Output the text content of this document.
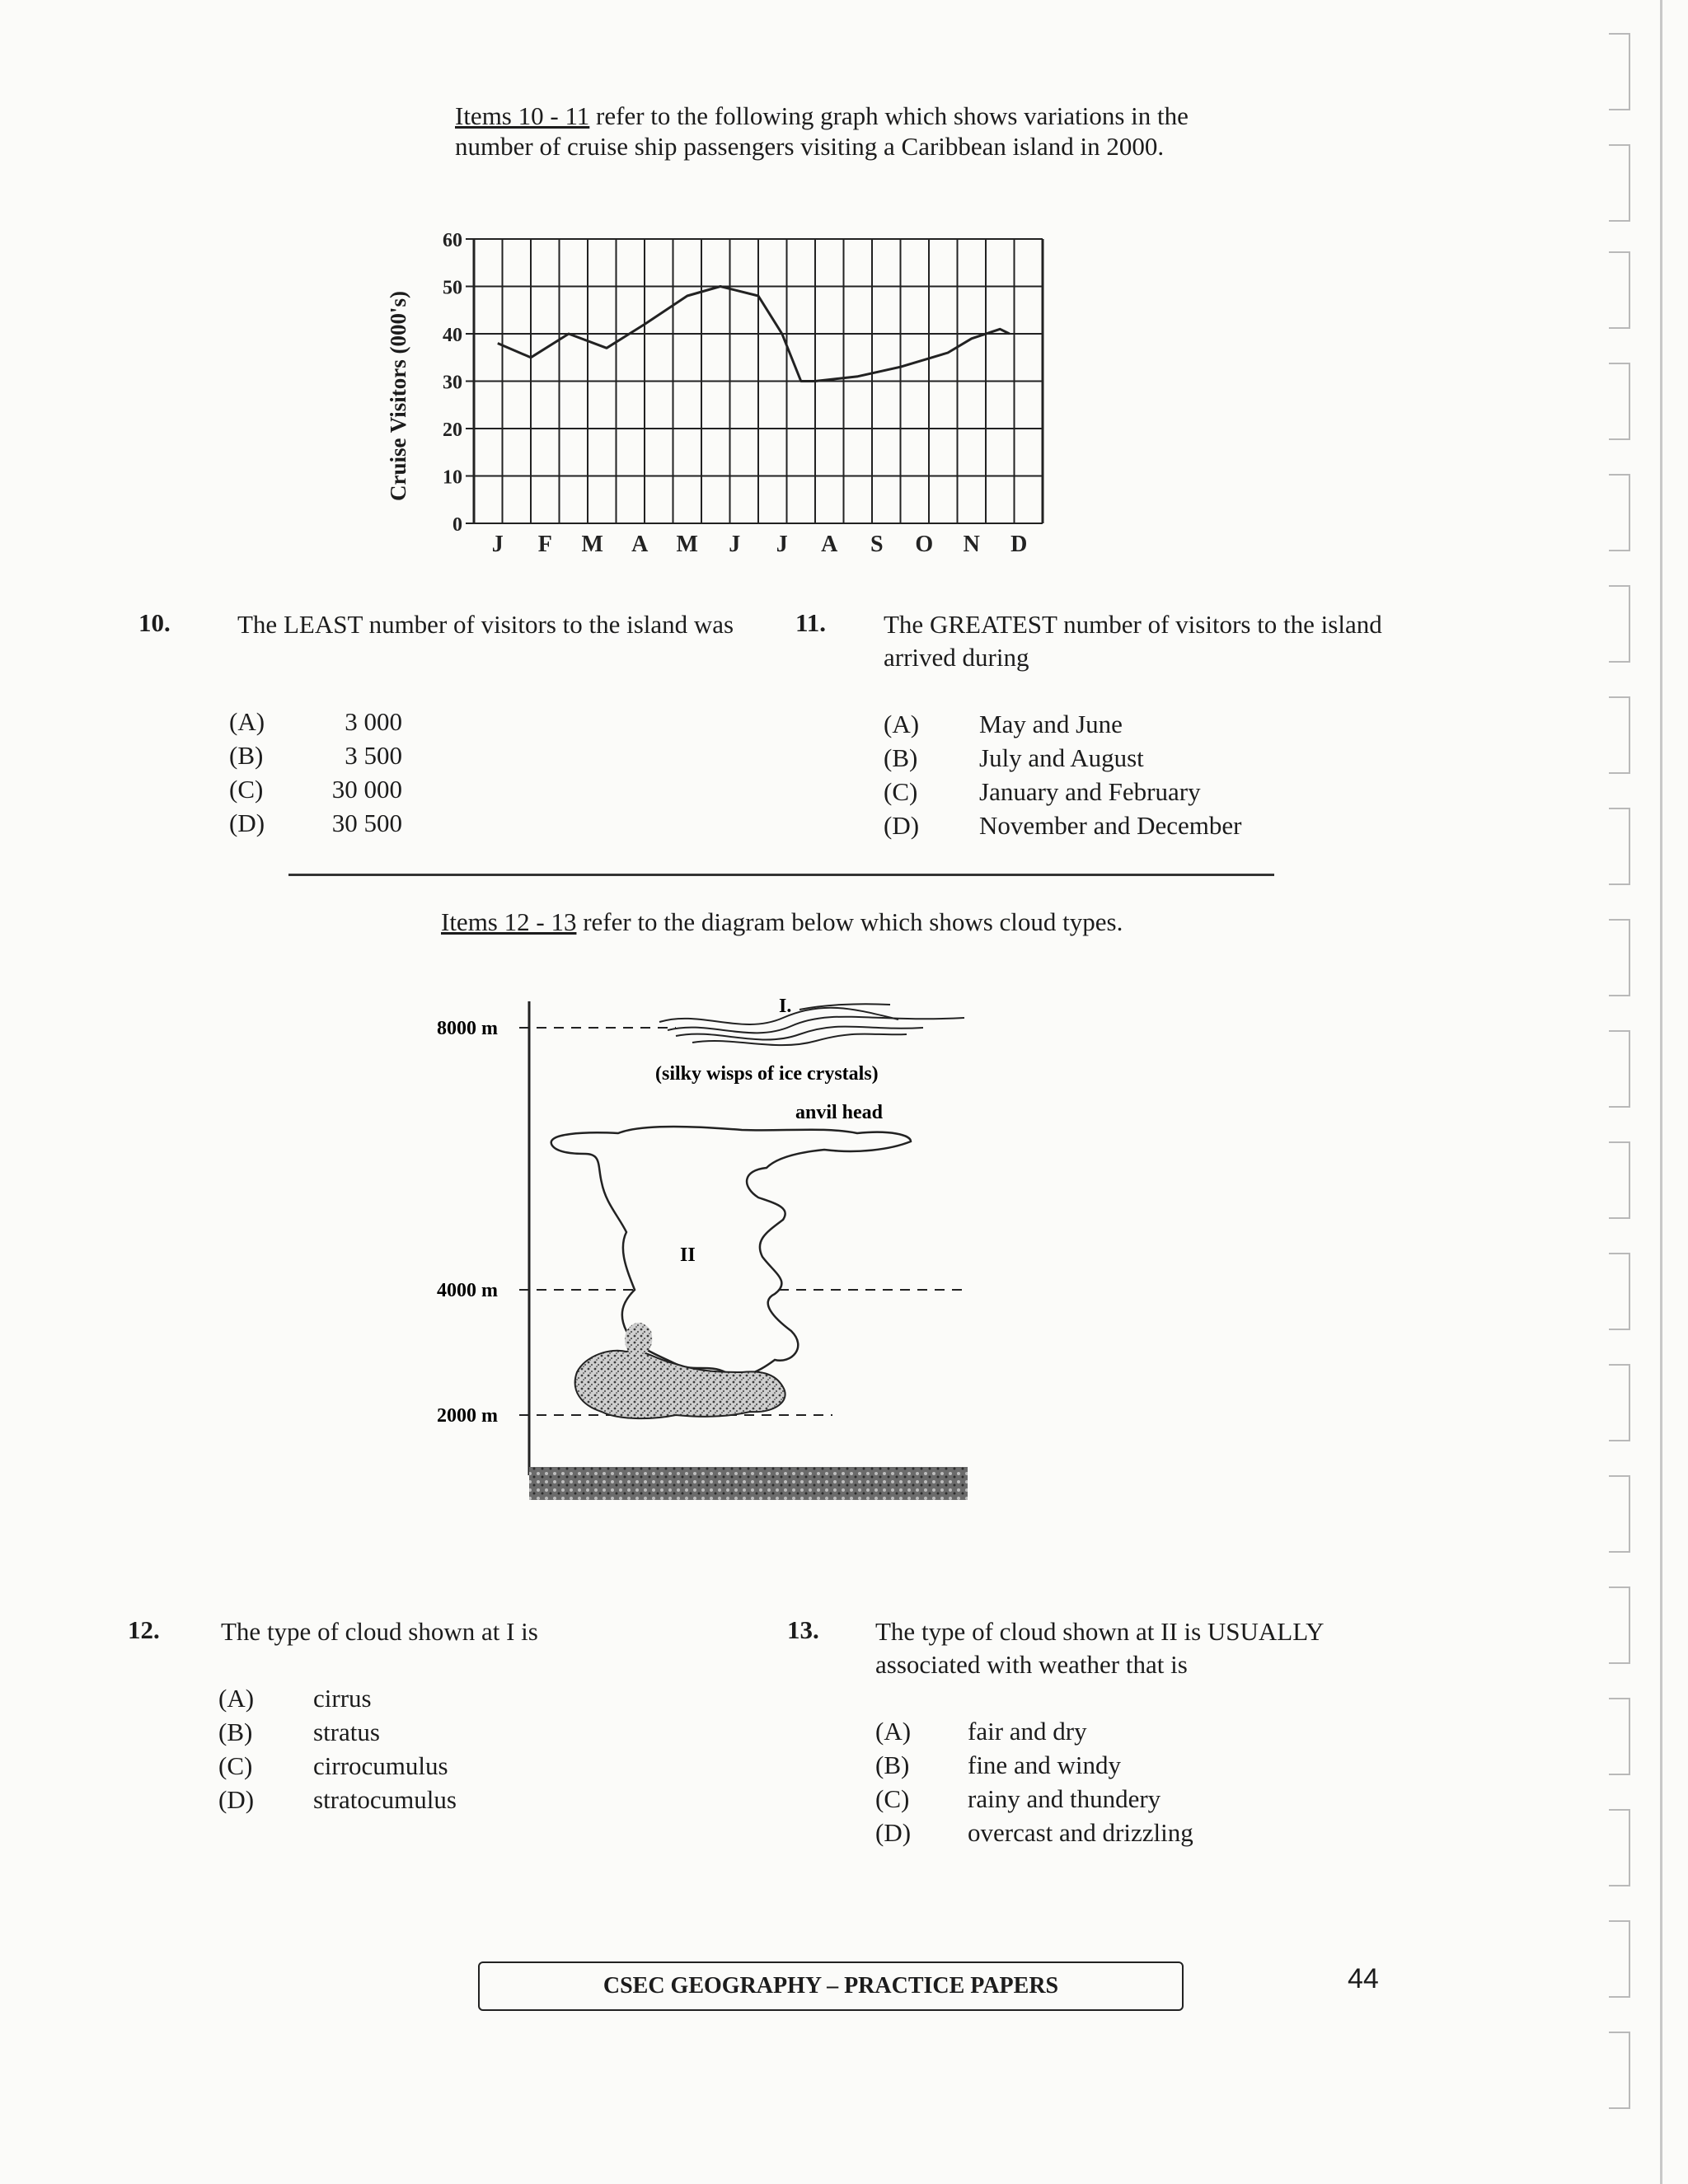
Items 10 - 11 refer to the following graph which shows variations in the number of cruise ship passengers visiting a Caribbean island in 2000.
Cruise Visitors (000's)
0
10
20
30
40
50
60
J F M A M J J A S O N D
10.	The LEAST number of visitors to the island was
(A)	3 000
(B)	3 500
(C)	30 000
(D)	30 500
11. The GREATEST number of visitors to the island arrived during
(A)	May and June
(B)	July and August
(C)	January and February
(D)	November and December
Items 12 - 13 refer to the diagram below which shows cloud types.
8000 m
4000 m
2000 m
I.
(silky wisps of ice crystals)
anvil head
II
12. The type of cloud shown at I is
(A)	cirrus
(B)	stratus
(C)	cirrocumulus
(D)	stratocumulus
13. The type of cloud shown at II is USUALLY associated with weather that is
(A)	fair and dry
(B)	fine and windy
(C)	rainy and thundery
(D)	overcast and drizzling
CSEC GEOGRAPHY – PRACTICE PAPERS	44
